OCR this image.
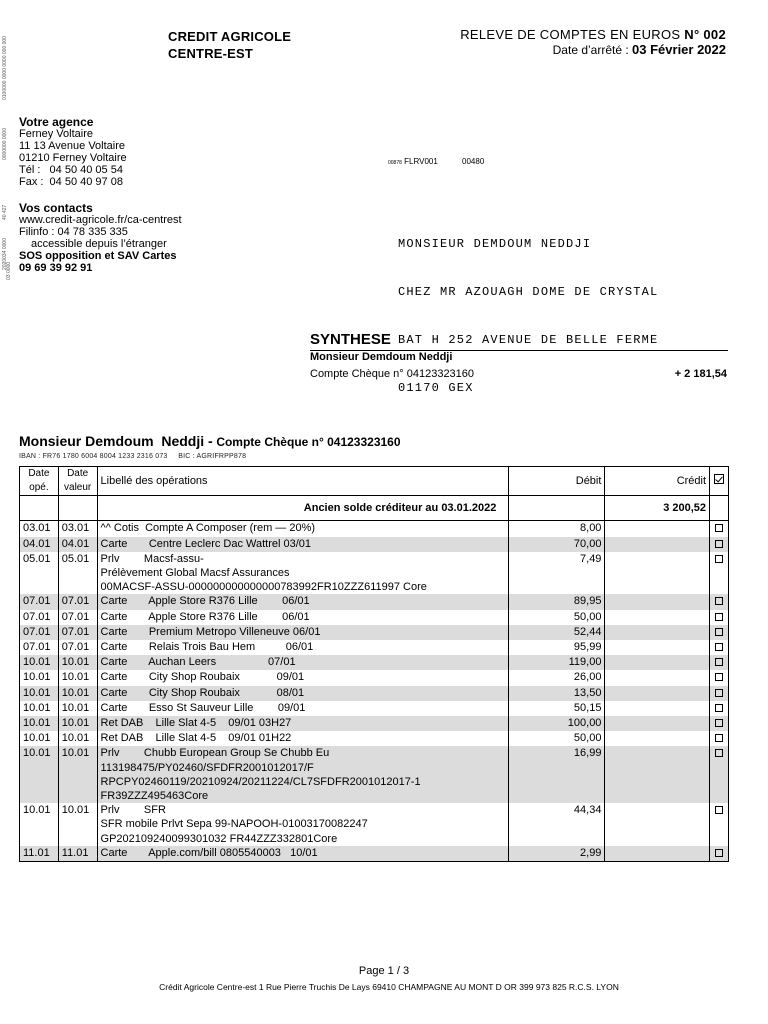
0100000 0000 0000 000 000
0000000 0000
40 427
2020034 0000
03 0000
CREDIT AGRICOLE
CENTRE-EST
RELEVE DE COMPTES EN EUROS N° 002
Date d’arrêté : 03 Février 2022
Votre agence
Ferney Voltaire
11 13 Avenue Voltaire
01210 Ferney Voltaire
Tél :   04 50 40 05 54
Fax :  04 50 40 97 08
Vos contacts
www.credit-agricole.fr/ca-centrest
Filinfo : 04 78 335 335
accessible depuis l’étranger
SOS opposition et SAV Cartes
09 69 39 92 91
00878 FLRV001	00480

MONSIEUR DEMDOUM NEDDJI

CHEZ MR AZOUAGH DOME DE CRYSTAL

BAT H 252 AVENUE DE BELLE FERME

01170 GEX

SYNTHESE
Monsieur Demdoum Neddji
Compte Chèque n° 04123323160	+ 2 181,54
Monsieur Demdoum  Neddji - Compte Chèque n° 04123323160
IBAN : FR76 1780 6004 8004 1233 2316 073     BIC : AGRIFRPP878
Date opé.	Date valeur	Libellé des opérations	Débit	Crédit	
		Ancien solde créditeur au 03.01.2022		3 200,52	
03.01	03.01	^^ Cotis  Compte A Composer (rem — 20%)	8,00		
04.01	04.01	Carte       Centre Leclerc Dac Wattrel 03/01	70,00		
05.01	05.01	Prlv        Macsf-assu-
Prélèvement Global Macsf Assurances
00MACSF-ASSU-000000000000000783992FR10ZZZ611997 Core	7,49		
07.01	07.01	Carte       Apple Store R376 Lille        06/01	89,95		
07.01	07.01	Carte       Apple Store R376 Lille        06/01	50,00		
07.01	07.01	Carte       Premium Metropo Villeneuve 06/01	52,44		
07.01	07.01	Carte       Relais Trois Bau Hem          06/01	95,99		
10.01	10.01	Carte       Auchan Leers                 07/01	119,00		
10.01	10.01	Carte       City Shop Roubaix            09/01	26,00		
10.01	10.01	Carte       City Shop Roubaix            08/01	13,50		
10.01	10.01	Carte       Esso St Sauveur Lille        09/01	50,15		
10.01	10.01	Ret DAB    Lille Slat 4-5    09/01 03H27	100,00		
10.01	10.01	Ret DAB    Lille Slat 4-5    09/01 01H22	50,00		
10.01	10.01	Prlv        Chubb European Group Se Chubb Eu
113198475/PY02460/SFDFR2001012017/F
RPCPY02460119/20210924/20211224/CL7SFDFR2001012017-1
FR39ZZZ495463Core	16,99		
10.01	10.01	Prlv        SFR
SFR mobile Prlvt Sepa 99-NAPOOH-01003170082247
GP202109240099301032 FR44ZZZ332801Core	44,34		
11.01	11.01	Carte       Apple.com/bill 0805540003   10/01	2,99		
Page 1 / 3
Crédit Agricole Centre-est 1 Rue Pierre Truchis De Lays 69410 CHAMPAGNE AU MONT D OR 399 973 825 R.C.S. LYON
